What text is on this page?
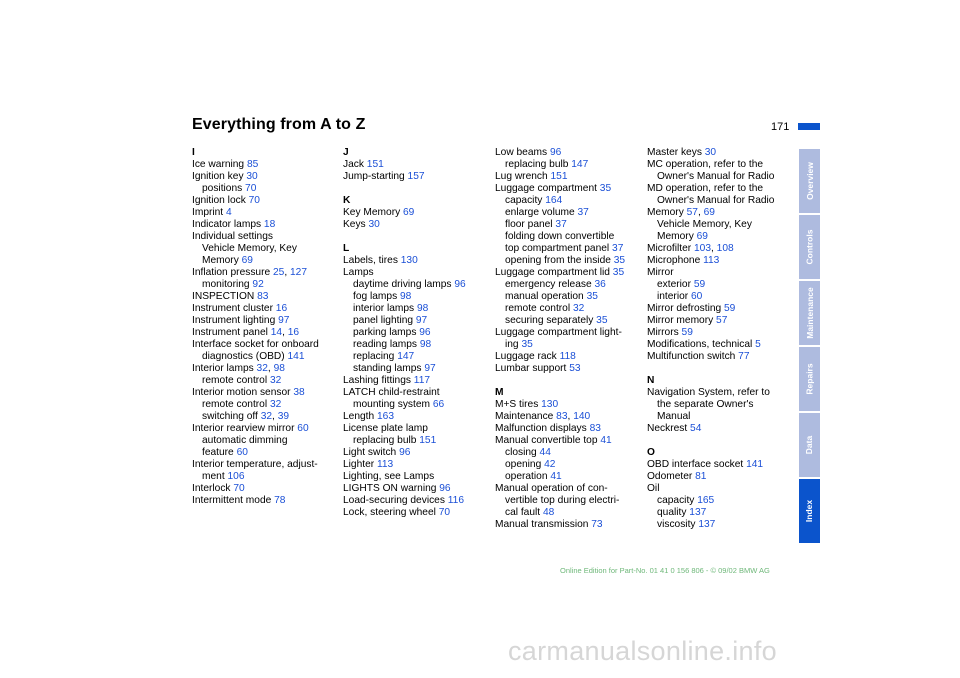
Everything from A to Z	171
I
Ice warning 85
Ignition key 30
positions 70
Ignition lock 70
Imprint 4
Indicator lamps 18
Individual settings
Vehicle Memory, Key
Memory 69
Inflation pressure 25, 127
monitoring 92
INSPECTION 83
Instrument cluster 16
Instrument lighting 97
Instrument panel 14, 16
Interface socket for onboard
diagnostics (OBD) 141
Interior lamps 32, 98
remote control 32
Interior motion sensor 38
remote control 32
switching off 32, 39
Interior rearview mirror 60
automatic dimming
feature 60
Interior temperature, adjust-
ment 106
Interlock 70
Intermittent mode 78
J
Jack 151
Jump-starting 157
K
Key Memory 69
Keys 30
L
Labels, tires 130
Lamps
daytime driving lamps 96
fog lamps 98
interior lamps 98
panel lighting 97
parking lamps 96
reading lamps 98
replacing 147
standing lamps 97
Lashing fittings 117
LATCH child-restraint
mounting system 66
Length 163
License plate lamp
replacing bulb 151
Light switch 96
Lighter 113
Lighting, see Lamps
LIGHTS ON warning 96
Load-securing devices 116
Lock, steering wheel 70
Low beams 96
replacing bulb 147
Lug wrench 151
Luggage compartment 35
capacity 164
enlarge volume 37
floor panel 37
folding down convertible
top compartment panel 37
opening from the inside 35
Luggage compartment lid 35
emergency release 36
manual operation 35
remote control 32
securing separately 35
Luggage compartment light-
ing 35
Luggage rack 118
Lumbar support 53
M
M+S tires 130
Maintenance 83, 140
Malfunction displays 83
Manual convertible top 41
closing 44
opening 42
operation 41
Manual operation of con-
vertible top during electri-
cal fault 48
Manual transmission 73
Master keys 30
MC operation, refer to the
Owner's Manual for Radio
MD operation, refer to the
Owner's Manual for Radio
Memory 57, 69
Vehicle Memory, Key
Memory 69
Microfilter 103, 108
Microphone 113
Mirror
exterior 59
interior 60
Mirror defrosting 59
Mirror memory 57
Mirrors 59
Modifications, technical 5
Multifunction switch 77
N
Navigation System, refer to
the separate Owner's
Manual
Neckrest 54
O
OBD interface socket 141
Odometer 81
Oil
capacity 165
quality 137
viscosity 137
Overview
Controls
Maintenance
Repairs
Data
Index
Online Edition for Part-No. 01 41 0 156 806 - © 09/02 BMW AG
carmanualsonline.info
